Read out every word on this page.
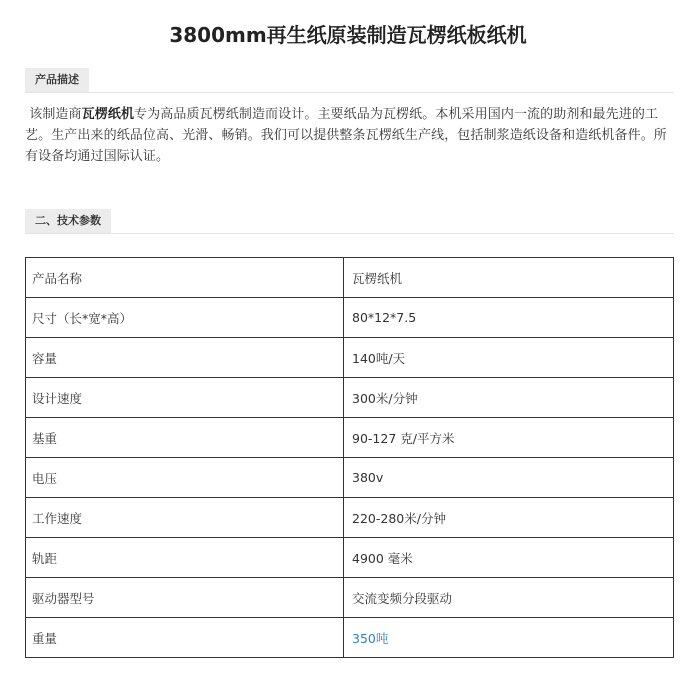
3800mm再生纸原装制造瓦楞纸板纸机
产品描述
该制造商瓦楞纸机专为高品质瓦楞纸制造而设计。主要纸品为瓦楞纸。本机采用国内一流的助剂和最先进的工艺。生产出来的纸品位高、光滑、畅销。我们可以提供整条瓦楞纸生产线，包括制浆造纸设备和造纸机备件。所有设备均通过国际认证。
二、技术参数
产品名称	瓦楞纸机
尺寸（长*宽*高）	80*12*7.5
容量	140吨/天
设计速度	300米/分钟
基重	90-127 克/平方米
电压	380v
工作速度	220-280米/分钟
轨距	4900 毫米
驱动器型号	交流变频分段驱动
重量	350吨
